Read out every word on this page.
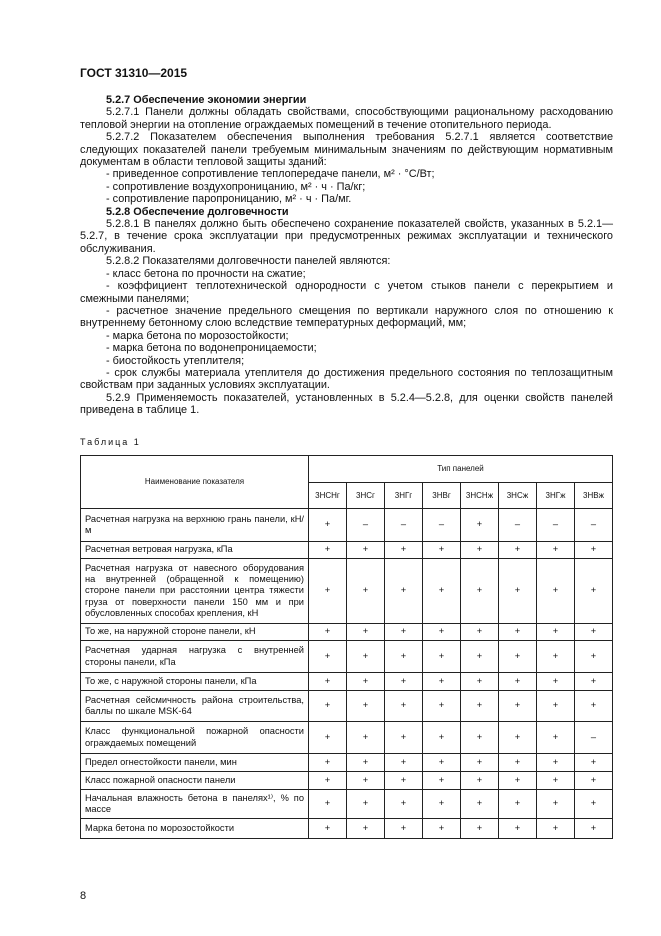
ГОСТ 31310—2015

5.2.7 Обеспечение экономии энергии

5.2.7.1 Панели должны обладать свойствами, способствующими рациональному расходованию тепловой энергии на отопление ограждаемых помещений в течение отопительного периода.

5.2.7.2 Показателем обеспечения выполнения требования 5.2.7.1 является соответствие следующих показателей панели требуемым минимальным значениям по действующим нормативным документам в области тепловой защиты зданий:

- приведенное сопротивление теплопередаче панели, м² · °С/Вт;

- сопротивление воздухопроницанию, м² · ч · Па/кг;

- сопротивление паропроницанию, м² · ч · Па/мг.

5.2.8 Обеспечение долговечности

5.2.8.1 В панелях должно быть обеспечено сохранение показателей свойств, указанных в 5.2.1—5.2.7, в течение срока эксплуатации при предусмотренных режимах эксплуатации и технического обслуживания.

5.2.8.2 Показателями долговечности панелей являются:

- класс бетона по прочности на сжатие;

- коэффициент теплотехнической однородности с учетом стыков панели с перекрытием и смежными панелями;

- расчетное значение предельного смещения по вертикали наружного слоя по отношению к внутреннему бетонному слою вследствие температурных деформаций, мм;

- марка бетона по морозостойкости;

- марка бетона по водонепроницаемости;

- биостойкость утеплителя;

- срок службы материала утеплителя до достижения предельного состояния по теплозащитным свойствам при заданных условиях эксплуатации.

5.2.9 Применяемость показателей, установленных в 5.2.4—5.2.8, для оценки свойств панелей приведена в таблице 1.

Таблица 1
Наименование показателя	Тип панелей							
	3НСНг	3НСг	3НГг	3НВг	3НСНж	3НСж	3НГж	3НВж
Расчетная нагрузка на верхнюю грань панели, кН/м	+	–	–	–	+	–	–	–
Расчетная ветровая нагрузка, кПа	+	+	+	+	+	+	+	+
Расчетная нагрузка от навесного оборудования на внутренней (обращенной к помещению) стороне панели при расстоянии центра тяжести груза от поверхности панели 150 мм и при обусловленных способах крепления, кН	+	+	+	+	+	+	+	+
То же, на наружной стороне панели, кН	+	+	+	+	+	+	+	+
Расчетная ударная нагрузка с внутренней стороны панели, кПа	+	+	+	+	+	+	+	+
То же, с наружной стороны панели, кПа	+	+	+	+	+	+	+	+
Расчетная сейсмичность района строительства, баллы по шкале MSK-64	+	+	+	+	+	+	+	+
Класс функциональной пожарной опасности ограждаемых помещений	+	+	+	+	+	+	+	–
Предел огнестойкости панели, мин	+	+	+	+	+	+	+	+
Класс пожарной опасности панели	+	+	+	+	+	+	+	+
Начальная влажность бетона в панелях¹⁾, % по массе	+	+	+	+	+	+	+	+
Марка бетона по морозостойкости	+	+	+	+	+	+	+	+
8
